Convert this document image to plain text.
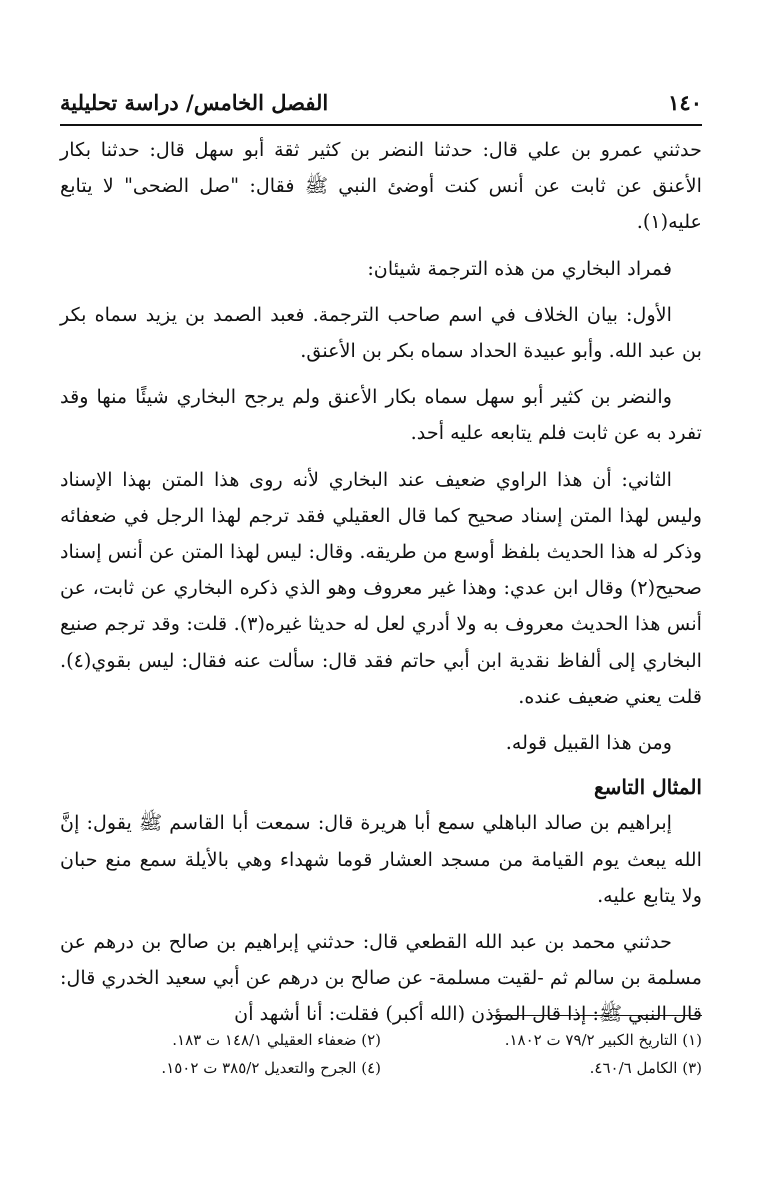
١٤٠
الفصل الخامس/ دراسة تحليلية

حدثني عمرو بن علي قال: حدثنا النضر بن كثير ثقة أبو سهل قال: حدثنا بكار الأعنق عن ثابت عن أنس كنت أوضئ النبي ﷺ فقال: "صل الضحى" لا يتابع عليه(١).

فمراد البخاري من هذه الترجمة شيئان:

الأول: بيان الخلاف في اسم صاحب الترجمة. فعبد الصمد بن يزيد سماه بكر بن عبد الله. وأبو عبيدة الحداد سماه بكر بن الأعنق.

والنضر بن كثير أبو سهل سماه بكار الأعنق ولم يرجح البخاري شيئًا منها وقد تفرد به عن ثابت فلم يتابعه عليه أحد.

الثاني: أن هذا الراوي ضعيف عند البخاري لأنه روى هذا المتن بهذا الإسناد وليس لهذا المتن إسناد صحيح كما قال العقيلي فقد ترجم لهذا الرجل في ضعفائه وذكر له هذا الحديث بلفظ أوسع من طريقه. وقال: ليس لهذا المتن عن أنس إسناد صحيح(٢) وقال ابن عدي: وهذا غير معروف وهو الذي ذكره البخاري عن ثابت، عن أنس هذا الحديث معروف به ولا أدري لعل له حديثا غيره(٣). قلت: وقد ترجم صنيع البخاري إلى ألفاظ نقدية ابن أبي حاتم فقد قال: سألت عنه فقال: ليس بقوي(٤). قلت يعني ضعيف عنده.

ومن هذا القبيل قوله.

المثال التاسع

إبراهيم بن صالد الباهلي سمع أبا هريرة قال: سمعت أبا القاسم ﷺ يقول: إنَّ الله يبعث يوم القيامة من مسجد العشار قوما شهداء وهي بالأيلة سمع منع حبان ولا يتابع عليه.

حدثني محمد بن عبد الله القطعي قال: حدثني إبراهيم بن صالح بن درهم عن مسلمة بن سالم ثم -لقيت مسلمة- عن صالح بن درهم عن أبي سعيد الخدري قال: قال النبي ﷺ: إذا قال المؤذن (الله أكبر) فقلت: أنا أشهد أن

(١) التاريخ الكبير ٧٩/٢ ت ١٨٠٢.
(٢) ضعفاء العقيلي ١٤٨/١ ت ١٨٣.
(٣) الكامل ٤٦٠/٦.
(٤) الجرح والتعديل ٣٨٥/٢ ت ١٥٠٢.
